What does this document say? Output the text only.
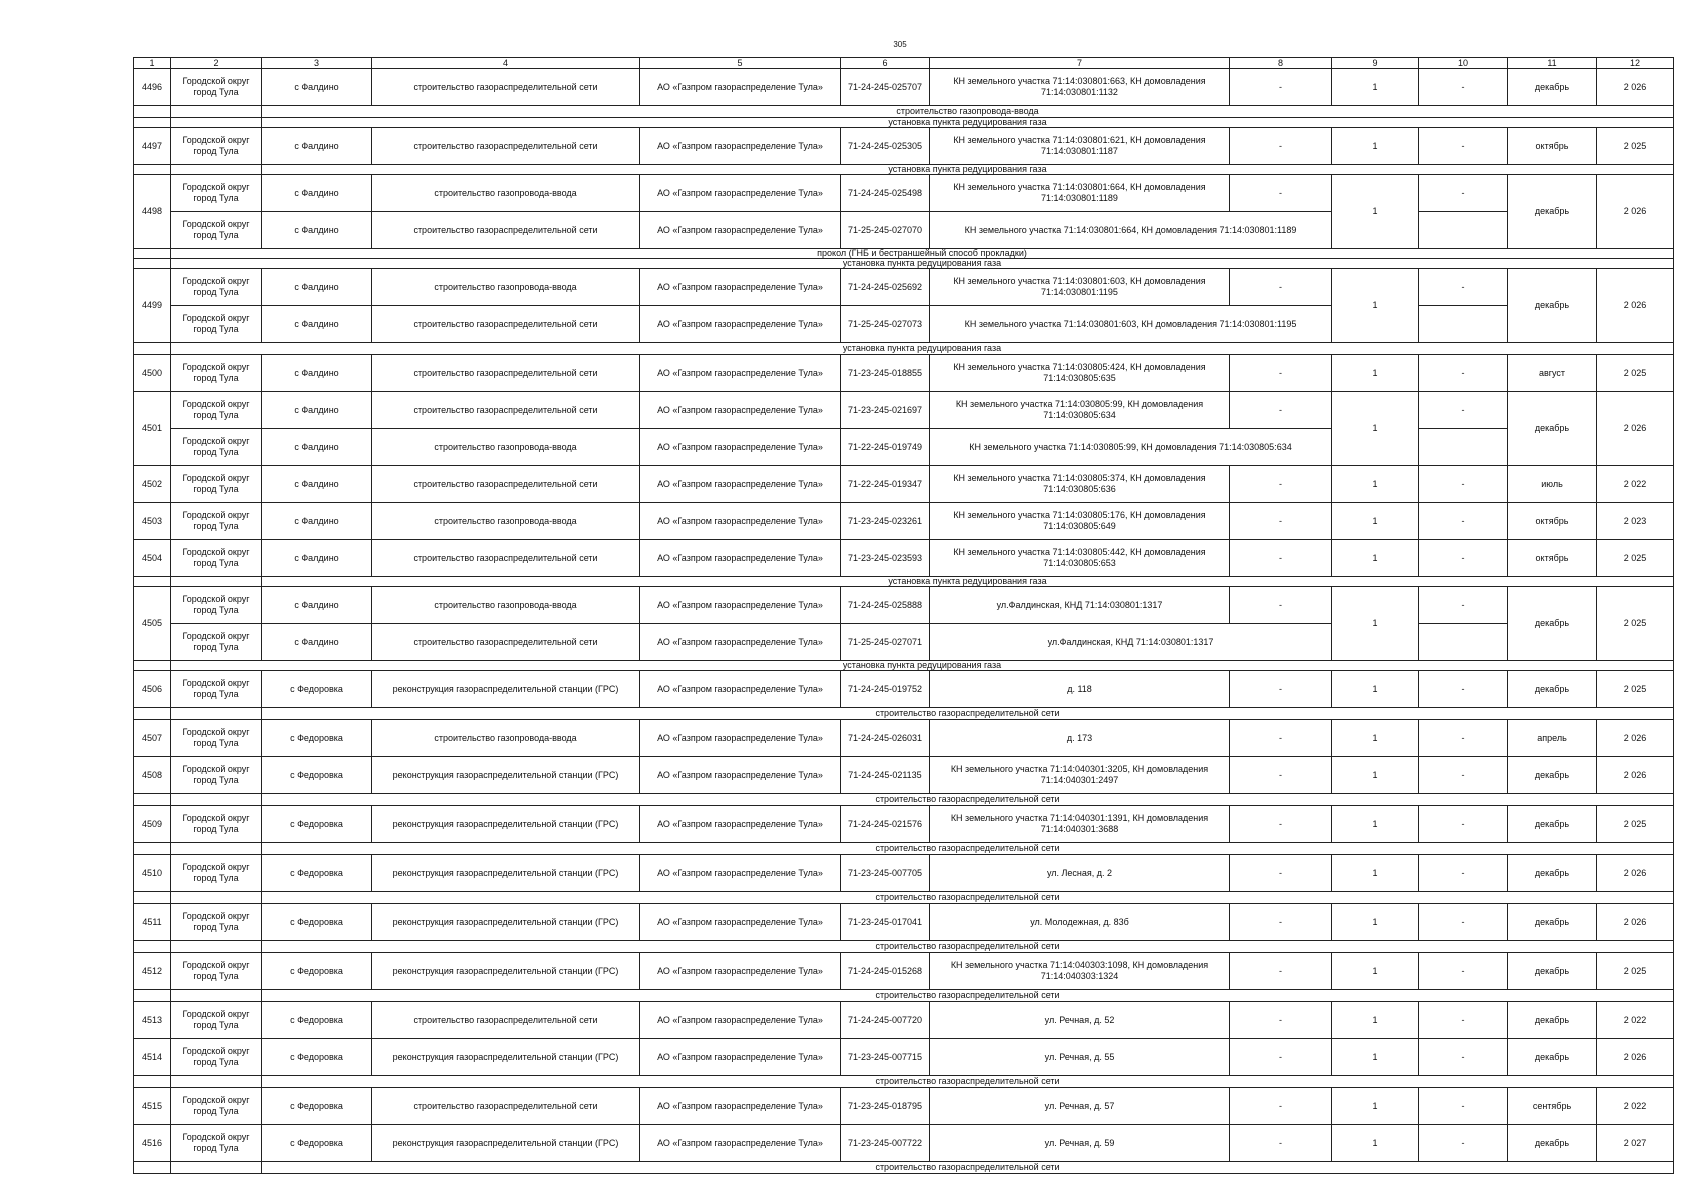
305
1	2	3	4	5	6	7	8	9	10	11	12
4496	Городской округ город Тула	с Фалдино	строительство газораспределительной сети	АО «Газпром газораспределение Тула»	71-24-245-025707	КН земельного участка 71:14:030801:663, КН домовладения 71:14:030801:1132	-	1	-	декабрь	2 026
		строительство газопровода-ввода									
		установка пункта редуцирования газа									
4497	Городской округ город Тула	с Фалдино	строительство газораспределительной сети	АО «Газпром газораспределение Тула»	71-24-245-025305	КН земельного участка 71:14:030801:621, КН домовладения 71:14:030801:1187	-	1	-	октябрь	2 025
		установка пункта редуцирования газа									
4498	Городской округ город Тула	с Фалдино	строительство газопровода-ввода	АО «Газпром газораспределение Тула»	71-24-245-025498	КН земельного участка 71:14:030801:664, КН домовладения 71:14:030801:1189	-	1	-	декабрь	2 026
	Городской округ город Тула	с Фалдино	строительство газораспределительной сети	АО «Газпром газораспределение Тула»	71-25-245-027070	КН земельного участка 71:14:030801:664, КН домовладения 71:14:030801:1189					
	прокол (ГНБ и бестраншейный способ прокладки)										
	установка пункта редуцирования газа										
4499	Городской округ город Тула	с Фалдино	строительство газопровода-ввода	АО «Газпром газораспределение Тула»	71-24-245-025692	КН земельного участка 71:14:030801:603, КН домовладения 71:14:030801:1195	-	1	-	декабрь	2 026
	Городской округ город Тула	с Фалдино	строительство газораспределительной сети	АО «Газпром газораспределение Тула»	71-25-245-027073	КН земельного участка 71:14:030801:603, КН домовладения 71:14:030801:1195					
	установка пункта редуцирования газа										
4500	Городской округ город Тула	с Фалдино	строительство газораспределительной сети	АО «Газпром газораспределение Тула»	71-23-245-018855	КН земельного участка 71:14:030805:424, КН домовладения 71:14:030805:635	-	1	-	август	2 025
4501	Городской округ город Тула	с Фалдино	строительство газораспределительной сети	АО «Газпром газораспределение Тула»	71-23-245-021697	КН земельного участка 71:14:030805:99, КН домовладения 71:14:030805:634	-	1	-	декабрь	2 026
	Городской округ город Тула	с Фалдино	строительство газопровода-ввода	АО «Газпром газораспределение Тула»	71-22-245-019749	КН земельного участка 71:14:030805:99, КН домовладения 71:14:030805:634					
4502	Городской округ город Тула	с Фалдино	строительство газораспределительной сети	АО «Газпром газораспределение Тула»	71-22-245-019347	КН земельного участка 71:14:030805:374, КН домовладения 71:14:030805:636	-	1	-	июль	2 022
4503	Городской округ город Тула	с Фалдино	строительство газопровода-ввода	АО «Газпром газораспределение Тула»	71-23-245-023261	КН земельного участка 71:14:030805:176, КН домовладения 71:14:030805:649	-	1	-	октябрь	2 023
4504	Городской округ город Тула	с Фалдино	строительство газораспределительной сети	АО «Газпром газораспределение Тула»	71-23-245-023593	КН земельного участка 71:14:030805:442, КН домовладения 71:14:030805:653	-	1	-	октябрь	2 025
		установка пункта редуцирования газа									
4505	Городской округ город Тула	с Фалдино	строительство газопровода-ввода	АО «Газпром газораспределение Тула»	71-24-245-025888	ул.Фалдинская, КНД 71:14:030801:1317	-	1	-	декабрь	2 025
	Городской округ город Тула	с Фалдино	строительство газораспределительной сети	АО «Газпром газораспределение Тула»	71-25-245-027071	ул.Фалдинская, КНД 71:14:030801:1317					
	установка пункта редуцирования газа										
4506	Городской округ город Тула	с Федоровка	реконструкция газораспределительной станции (ГРС)	АО «Газпром газораспределение Тула»	71-24-245-019752	д. 118	-	1	-	декабрь	2 025
		строительство газораспределительной сети									
4507	Городской округ город Тула	с Федоровка	строительство газопровода-ввода	АО «Газпром газораспределение Тула»	71-24-245-026031	д. 173	-	1	-	апрель	2 026
4508	Городской округ город Тула	с Федоровка	реконструкция газораспределительной станции (ГРС)	АО «Газпром газораспределение Тула»	71-24-245-021135	КН земельного участка 71:14:040301:3205, КН домовладения 71:14:040301:2497	-	1	-	декабрь	2 026
		строительство газораспределительной сети									
4509	Городской округ город Тула	с Федоровка	реконструкция газораспределительной станции (ГРС)	АО «Газпром газораспределение Тула»	71-24-245-021576	КН земельного участка 71:14:040301:1391, КН домовладения 71:14:040301:3688	-	1	-	декабрь	2 025
		строительство газораспределительной сети									
4510	Городской округ город Тула	с Федоровка	реконструкция газораспределительной станции (ГРС)	АО «Газпром газораспределение Тула»	71-23-245-007705	ул. Лесная, д. 2	-	1	-	декабрь	2 026
		строительство газораспределительной сети									
4511	Городской округ город Тула	с Федоровка	реконструкция газораспределительной станции (ГРС)	АО «Газпром газораспределение Тула»	71-23-245-017041	ул. Молодежная, д. 83б	-	1	-	декабрь	2 026
		строительство газораспределительной сети									
4512	Городской округ город Тула	с Федоровка	реконструкция газораспределительной станции (ГРС)	АО «Газпром газораспределение Тула»	71-24-245-015268	КН земельного участка 71:14:040303:1098, КН домовладения 71:14:040303:1324	-	1	-	декабрь	2 025
		строительство газораспределительной сети									
4513	Городской округ город Тула	с Федоровка	строительство газораспределительной сети	АО «Газпром газораспределение Тула»	71-24-245-007720	ул. Речная, д. 52	-	1	-	декабрь	2 022
4514	Городской округ город Тула	с Федоровка	реконструкция газораспределительной станции (ГРС)	АО «Газпром газораспределение Тула»	71-23-245-007715	ул. Речная, д. 55	-	1	-	декабрь	2 026
		строительство газораспределительной сети									
4515	Городской округ город Тула	с Федоровка	строительство газораспределительной сети	АО «Газпром газораспределение Тула»	71-23-245-018795	ул. Речная, д. 57	-	1	-	сентябрь	2 022
4516	Городской округ город Тула	с Федоровка	реконструкция газораспределительной станции (ГРС)	АО «Газпром газораспределение Тула»	71-23-245-007722	ул. Речная, д. 59	-	1	-	декабрь	2 027
		строительство газораспределительной сети									
